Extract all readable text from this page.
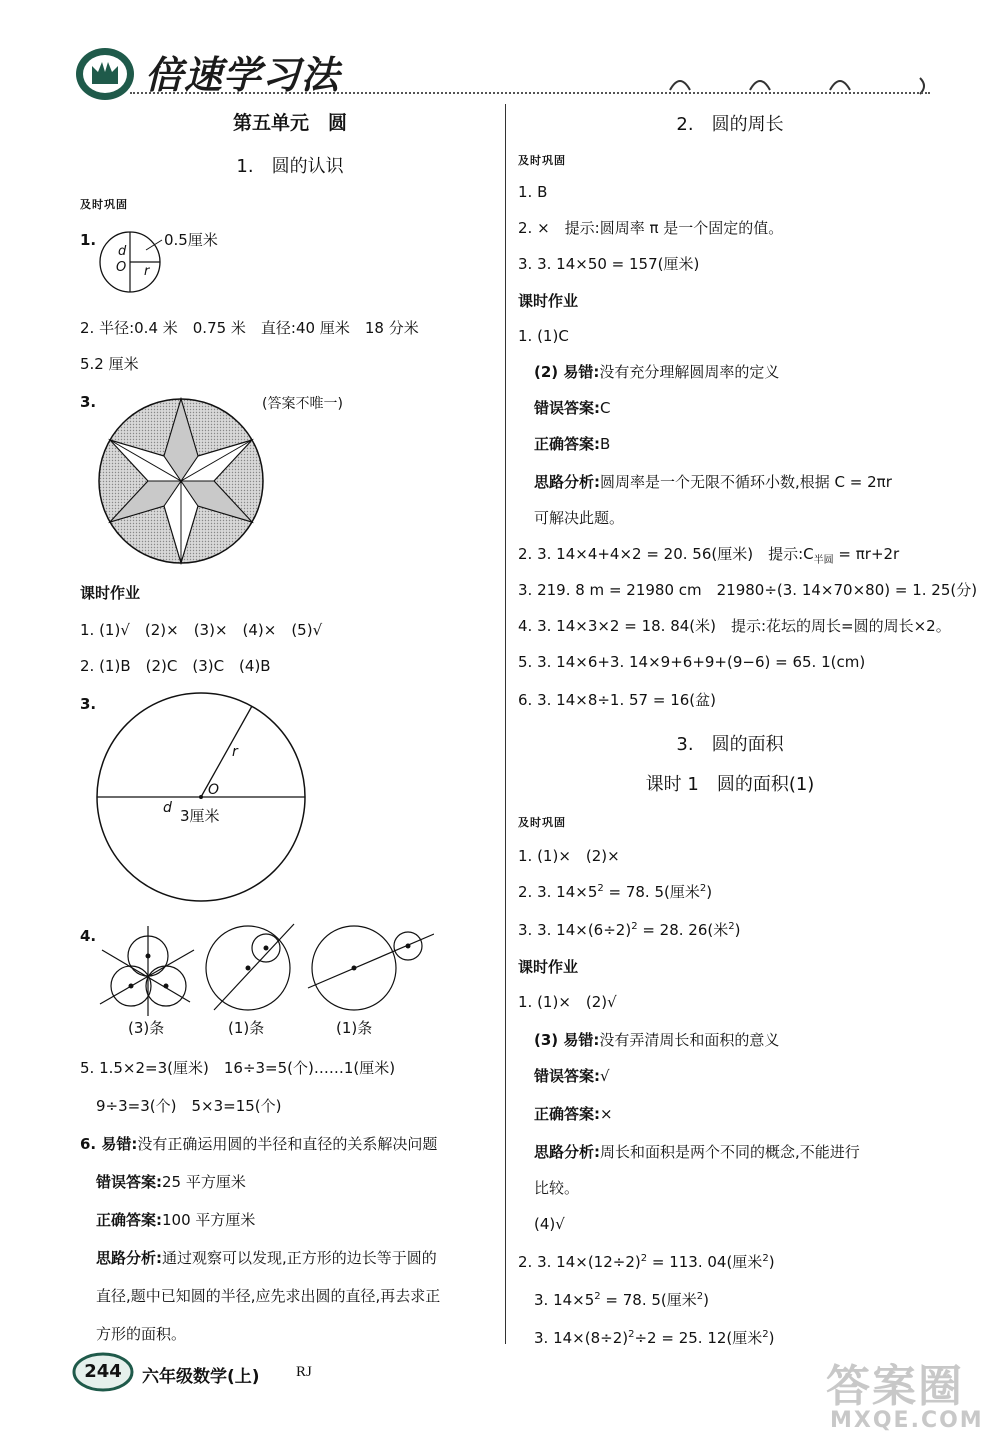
倍速学习法
第五单元　圆
1.　圆的认识
及时巩固
1.	0.5厘米
d
O r
2. 半径:0.4 米　0.75 米　直径:40 厘米　18 分米
5.2 厘米
3.	(答案不唯一)
课时作业
1. (1)√　(2)×　(3)×　(4)×　(5)√
2. (1)B　(2)C　(3)C　(4)B
3.
r
O
d 3厘米
4.
(3)条	(1)条	(1)条
5. 1.5×2=3(厘米)　16÷3=5(个)……1(厘米)
9÷3=3(个)　5×3=15(个)
6. 易错:没有正确运用圆的半径和直径的关系解决问题
错误答案:25 平方厘米
正确答案:100 平方厘米
思路分析:通过观察可以发现,正方形的边长等于圆的
直径,题中已知圆的半径,应先求出圆的直径,再去求正
方形的面积。
2.　圆的周长
及时巩固
1. B
2. ×　提示:圆周率 π 是一个固定的值。
3. 3. 14×50 = 157(厘米)
课时作业
1. (1)C
(2) 易错:没有充分理解圆周率的定义
错误答案:C
正确答案:B
思路分析:圆周率是一个无限不循环小数,根据 C = 2πr
可解决此题。
2. 3. 14×4+4×2 = 20. 56(厘米)　提示$:C_{半圆} = \pi r+2r$
3. 219. 8 m = 21980 cm　21980÷(3. 14×70×80) = 1. 25(分)
4. 3. 14×3×2 = 18. 84(米)　提示:花坛的周长=圆的周长×2。
5. 3. 14×6+3. 14×9+6+9+(9−6) = 65. 1(cm)
6. 3. 14×8÷1. 57 = 16(盆)
3.　圆的面积
课时 1　圆的面积(1)
及时巩固
1. (1)×　(2)×
2. 3. $14\times 5^2 = 78$. 5(厘米$^2$)
3. 3. $14\times(6\div 2)^2 = 28$. 26(米$^2$)
课时作业
1. (1)×　(2)√
(3) 易错:没有弄清周长和面积的意义
错误答案:√
正确答案:×
思路分析:周长和面积是两个不同的概念,不能进行
比较。
(4)√
2. 3. $14\times(12\div 2)^2 = 113$. 04(厘米$^2$)
3. $14\times 5^2 = 78$. 5(厘米$^2$)
3. $14\times(8\div 2)^2\div 2 = 25$. 12(厘米$^2$)
244	六年级数学(上) RJ	答案圈
MXQE.COM
